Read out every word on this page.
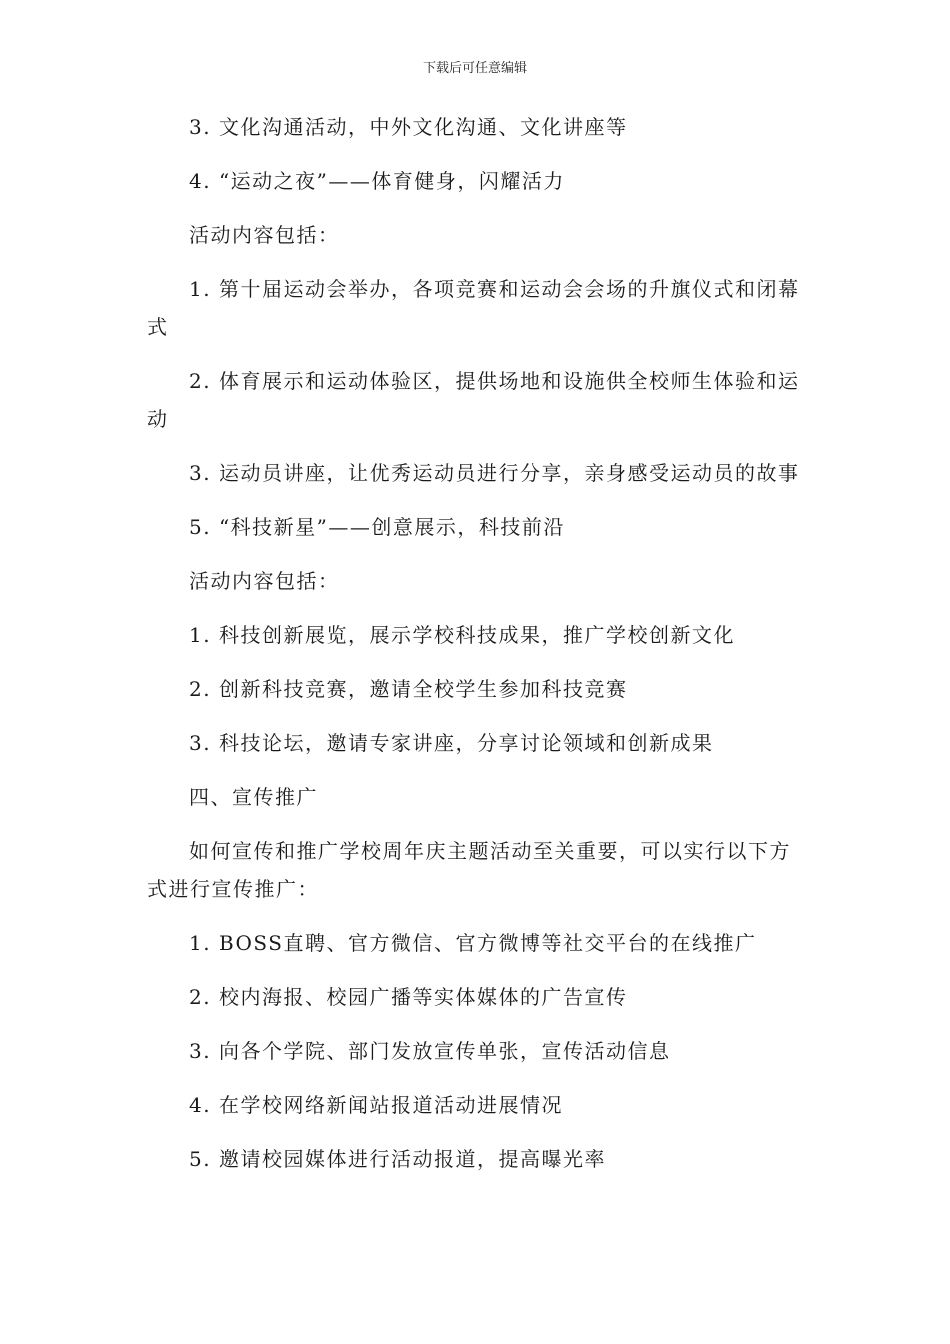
下载后可任意编辑

3. 文化沟通活动，中外文化沟通、文化讲座等

4. “运动之夜”——体育健身，闪耀活力

活动内容包括：

1. 第十届运动会举办，各项竞赛和运动会会场的升旗仪式和闭幕式

2. 体育展示和运动体验区，提供场地和设施供全校师生体验和运动

3. 运动员讲座，让优秀运动员进行分享，亲身感受运动员的故事

5. “科技新星”——创意展示，科技前沿

活动内容包括：

1. 科技创新展览，展示学校科技成果，推广学校创新文化

2. 创新科技竞赛，邀请全校学生参加科技竞赛

3. 科技论坛，邀请专家讲座，分享讨论领域和创新成果

四、宣传推广

如何宣传和推广学校周年庆主题活动至关重要，可以实行以下方式进行宣传推广：

1. BOSS直聘、官方微信、官方微博等社交平台的在线推广

2. 校内海报、校园广播等实体媒体的广告宣传

3. 向各个学院、部门发放宣传单张，宣传活动信息

4. 在学校网络新闻站报道活动进展情况

5. 邀请校园媒体进行活动报道，提高曝光率
